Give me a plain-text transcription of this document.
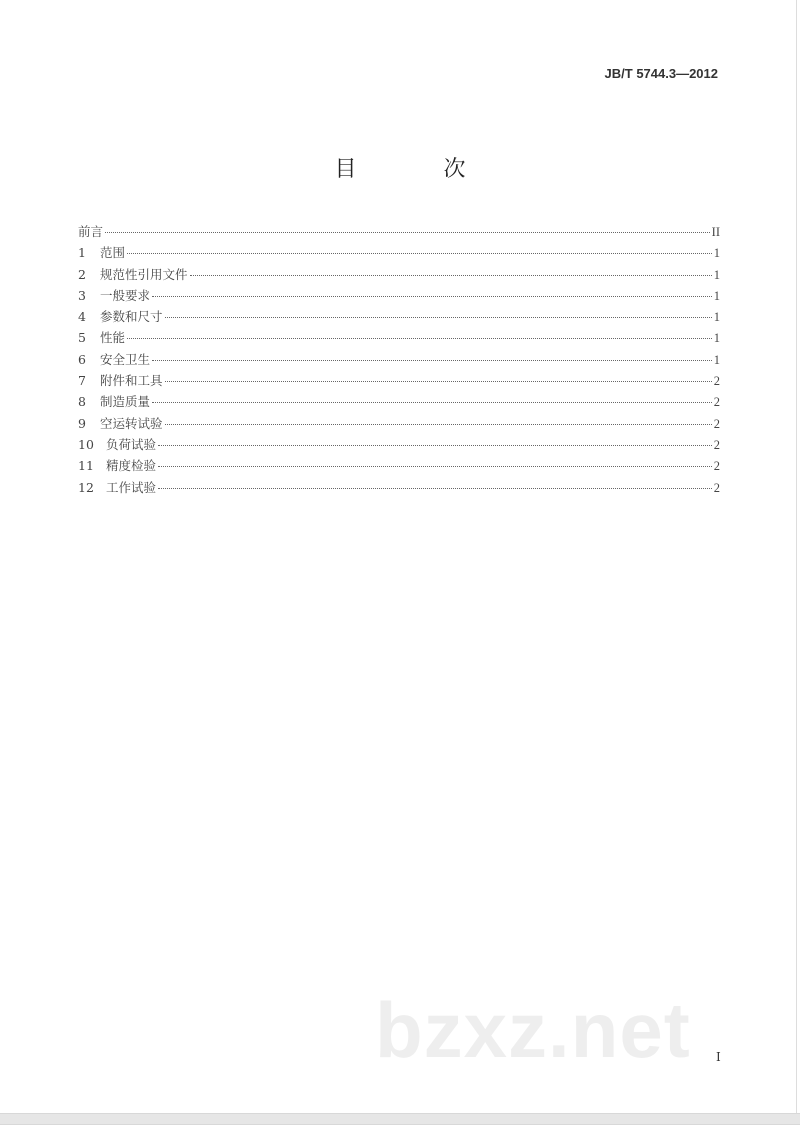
JB/T 5744.3—2012
目 次
前言	II
1	范围	1
2	规范性引用文件	1
3	一般要求	1
4	参数和尺寸	1
5	性能	1
6	安全卫生	1
7	附件和工具	2
8	制造质量	2
9	空运转试验	2
10 负荷试验	2
11 精度检验	2
12 工作试验	2
bzxz.net I
